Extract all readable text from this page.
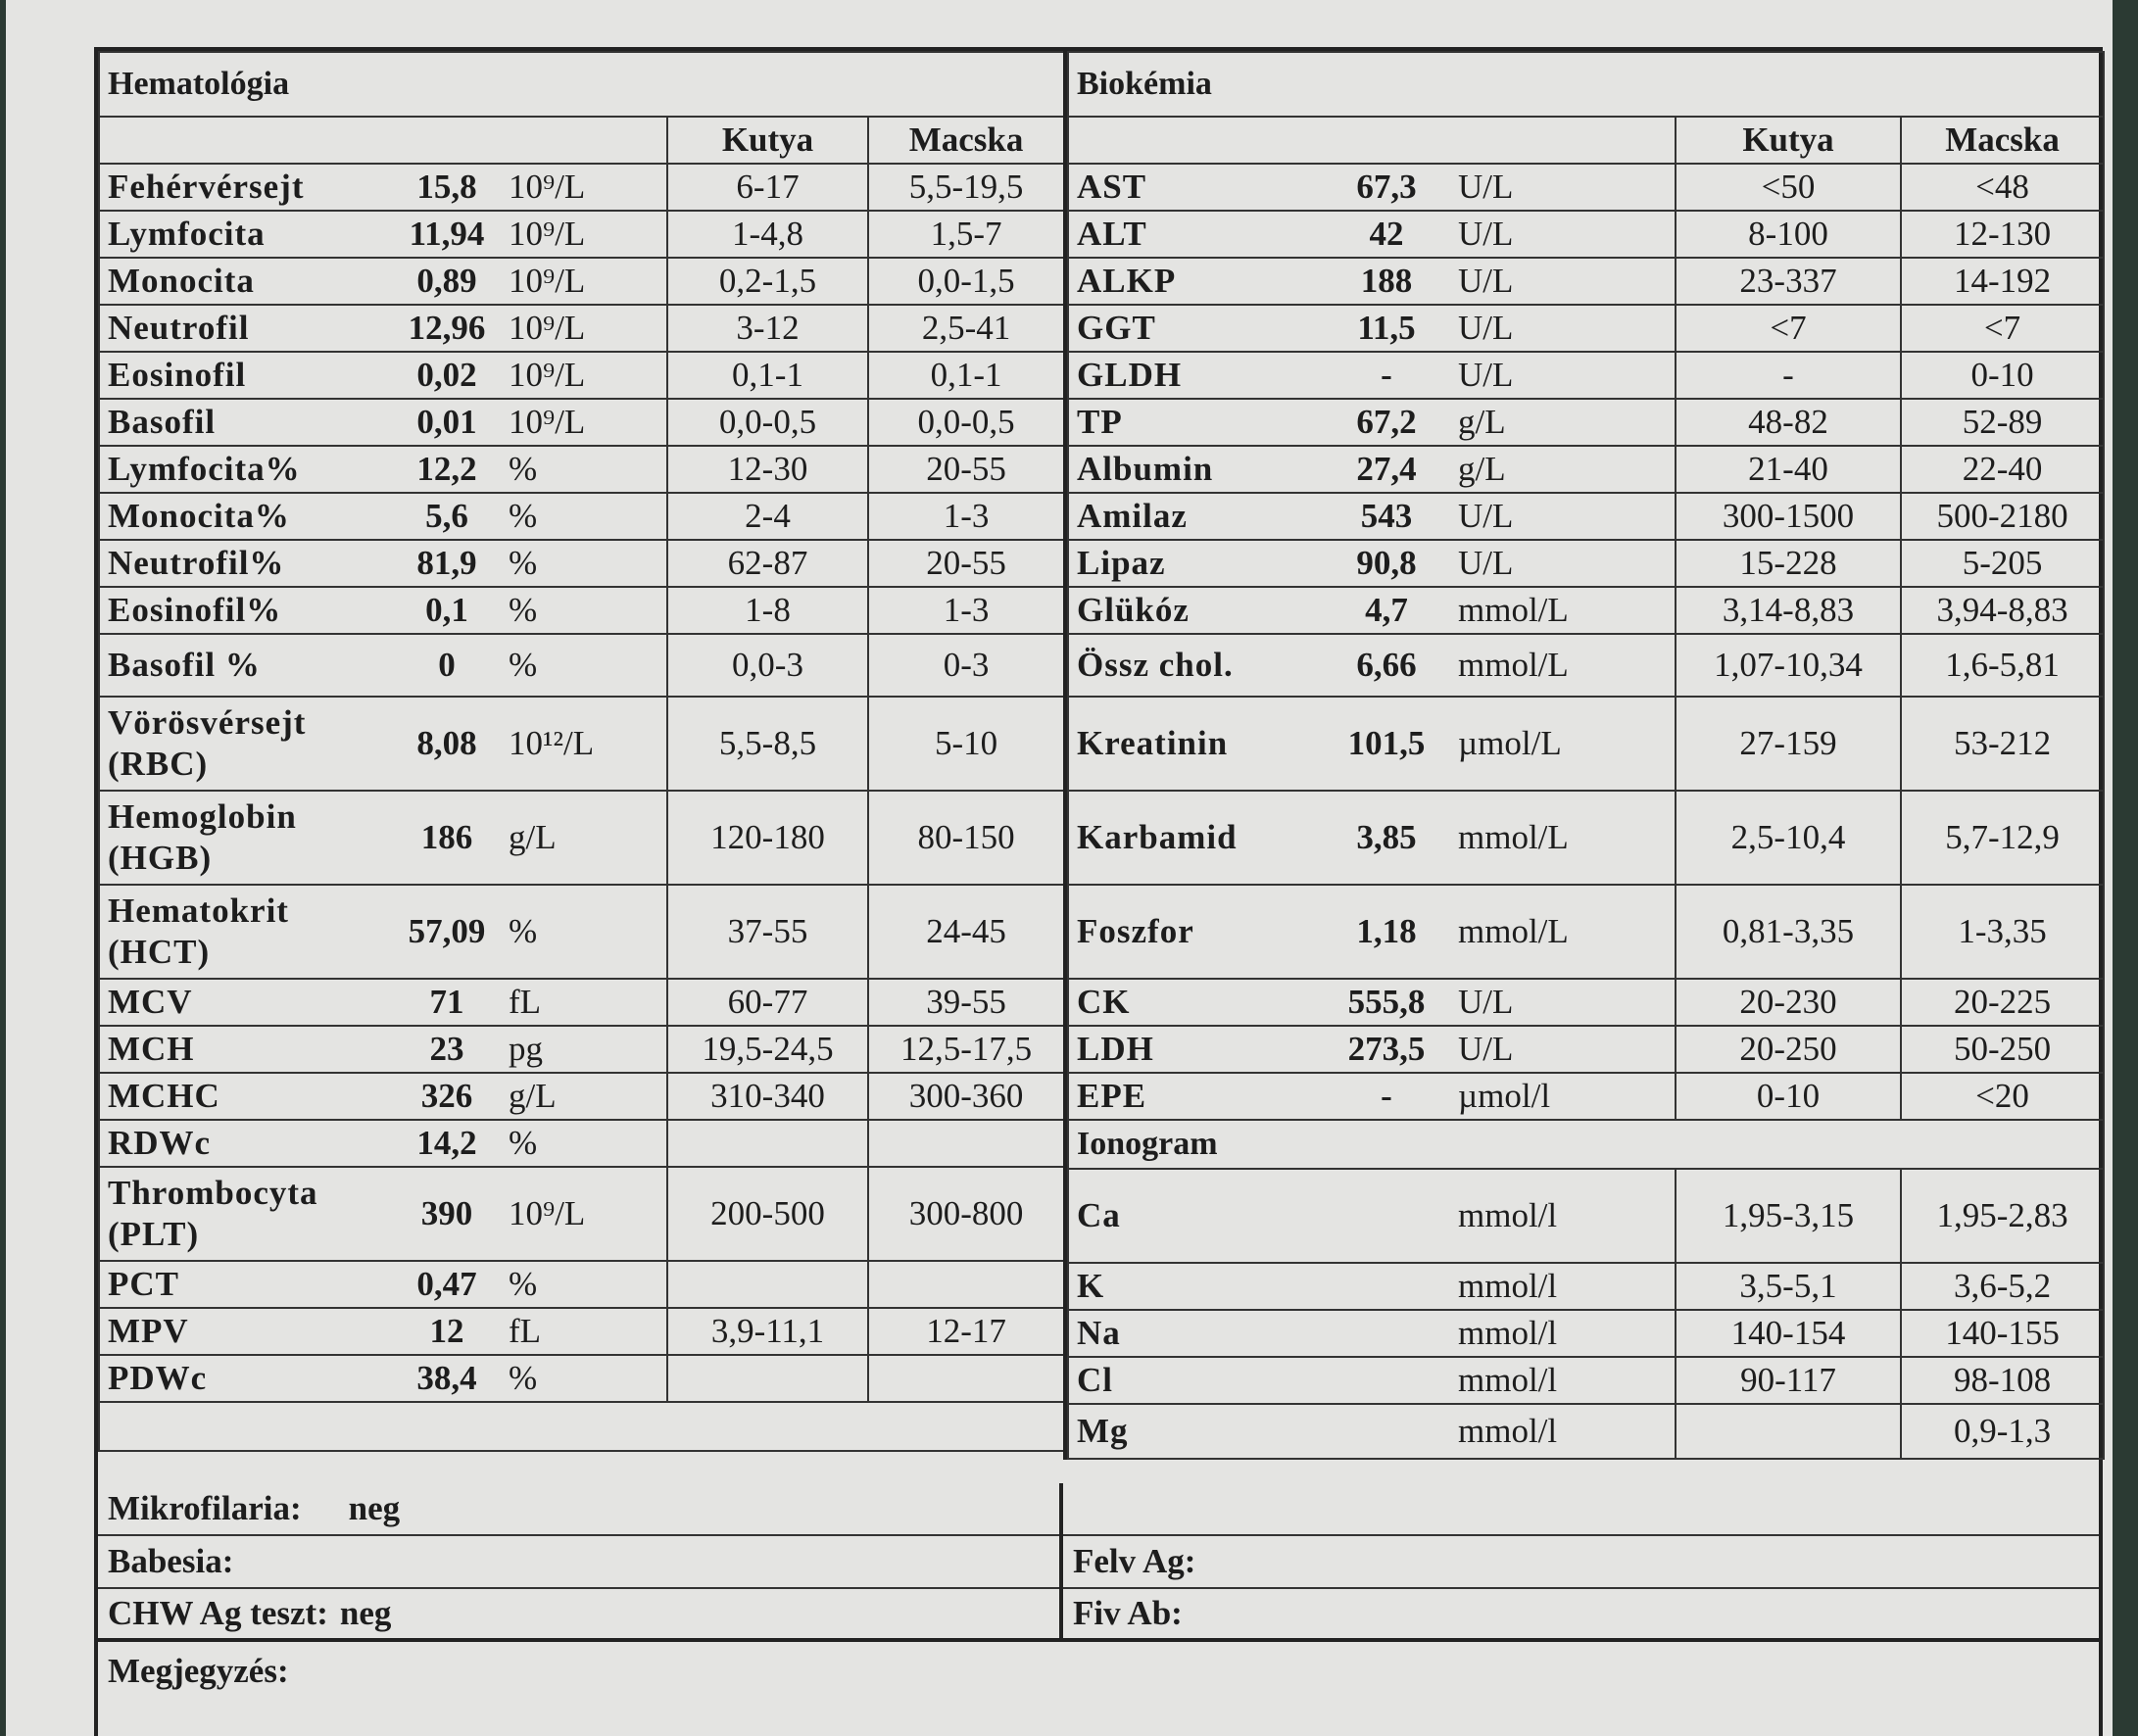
Hematológia				
			Kutya	Macska
Fehérvérsejt	15,8	10⁹/L	6-17	5,5-19,5
Lymfocita	11,94	10⁹/L	1-4,8	1,5-7
Monocita	0,89	10⁹/L	0,2-1,5	0,0-1,5
Neutrofil	12,96	10⁹/L	3-12	2,5-41
Eosinofil	0,02	10⁹/L	0,1-1	0,1-1
Basofil	0,01	10⁹/L	0,0-0,5	0,0-0,5
Lymfocita%	12,2	%	12-30	20-55
Monocita%	5,6	%	2-4	1-3
Neutrofil%	81,9	%	62-87	20-55
Eosinofil%	0,1	%	1-8	1-3
Basofil %	0	%	0,0-3	0-3
Vörösvérsejt (RBC)	8,08	10¹²/L	5,5-8,5	5-10
Hemoglobin (HGB)	186	g/L	120-180	80-150
Hematokrit (HCT)	57,09	%	37-55	24-45
MCV	71	fL	60-77	39-55
MCH	23	pg	19,5-24,5	12,5-17,5
MCHC	326	g/L	310-340	300-360
RDWc	14,2	%		
Thrombocyta (PLT)	390	10⁹/L	200-500	300-800
PCT	0,47	%		
MPV	12	fL	3,9-11,1	12-17
PDWc	38,4	%		

Biokémia				
			Kutya	Macska
AST	67,3	U/L	<50	<48
ALT	42	U/L	8-100	12-130
ALKP	188	U/L	23-337	14-192
GGT	11,5	U/L	<7	<7
GLDH	-	U/L	-	0-10
TP	67,2	g/L	48-82	52-89
Albumin	27,4	g/L	21-40	22-40
Amilaz	543	U/L	300-1500	500-2180
Lipaz	90,8	U/L	15-228	5-205
Glükóz	4,7	mmol/L	3,14-8,83	3,94-8,83
Össz chol.	6,66	mmol/L	1,07-10,34	1,6-5,81
Kreatinin	101,5	µmol/L	27-159	53-212
Karbamid	3,85	mmol/L	2,5-10,4	5,7-12,9
Foszfor	1,18	mmol/L	0,81-3,35	1-3,35
CK	555,8	U/L	20-230	20-225
LDH	273,5	U/L	20-250	50-250
EPE	-	µmol/l	0-10	<20
Ionogram				
Ca		mmol/l	1,95-3,15	1,95-2,83
K		mmol/l	3,5-5,1	3,6-5,2
Na		mmol/l	140-154	140-155
Cl		mmol/l	90-117	98-108
Mg		mmol/l		0,9-1,3
Mikrofilaria: neg
Babesia:
CHW Ag teszt: neg
Felv Ag:
Fiv Ab:
Megjegyzés:
